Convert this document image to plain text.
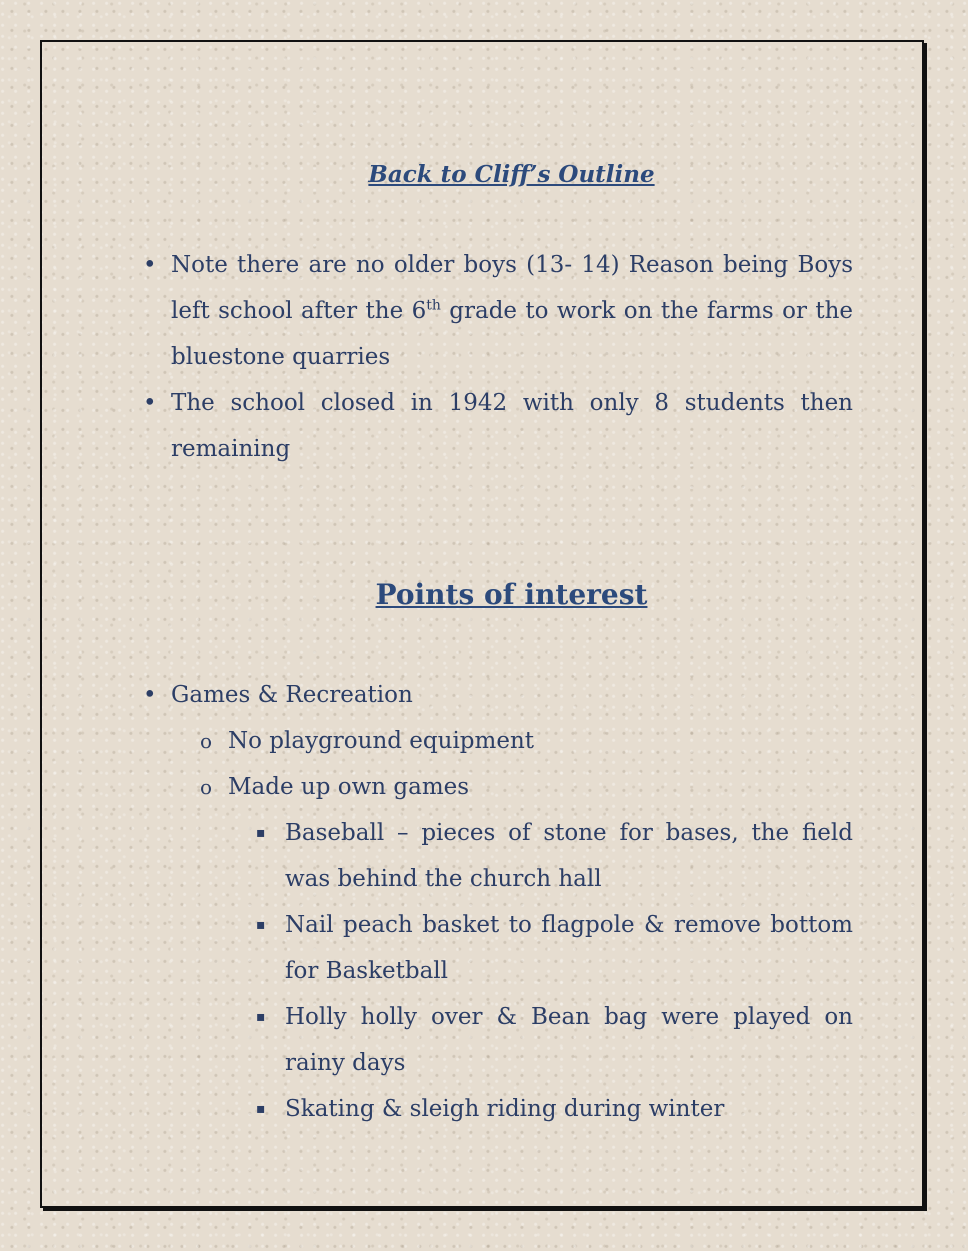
Back to Cliff’s Outline
• Note there are no older boys (13- 14) Reason being Boys left school after the 6th grade to work on the farms or the bluestone quarries
• The school closed in 1942 with only 8 students then remaining
Points of interest
• Games & Recreation
o No playground equipment
o Made up own games
▪ Baseball – pieces of stone for bases, the field was behind the church hall
▪ Nail peach basket to flagpole & remove bottom for Basketball
▪ Holly holly over & Bean bag were played on rainy days
▪ Skating & sleigh riding during winter
